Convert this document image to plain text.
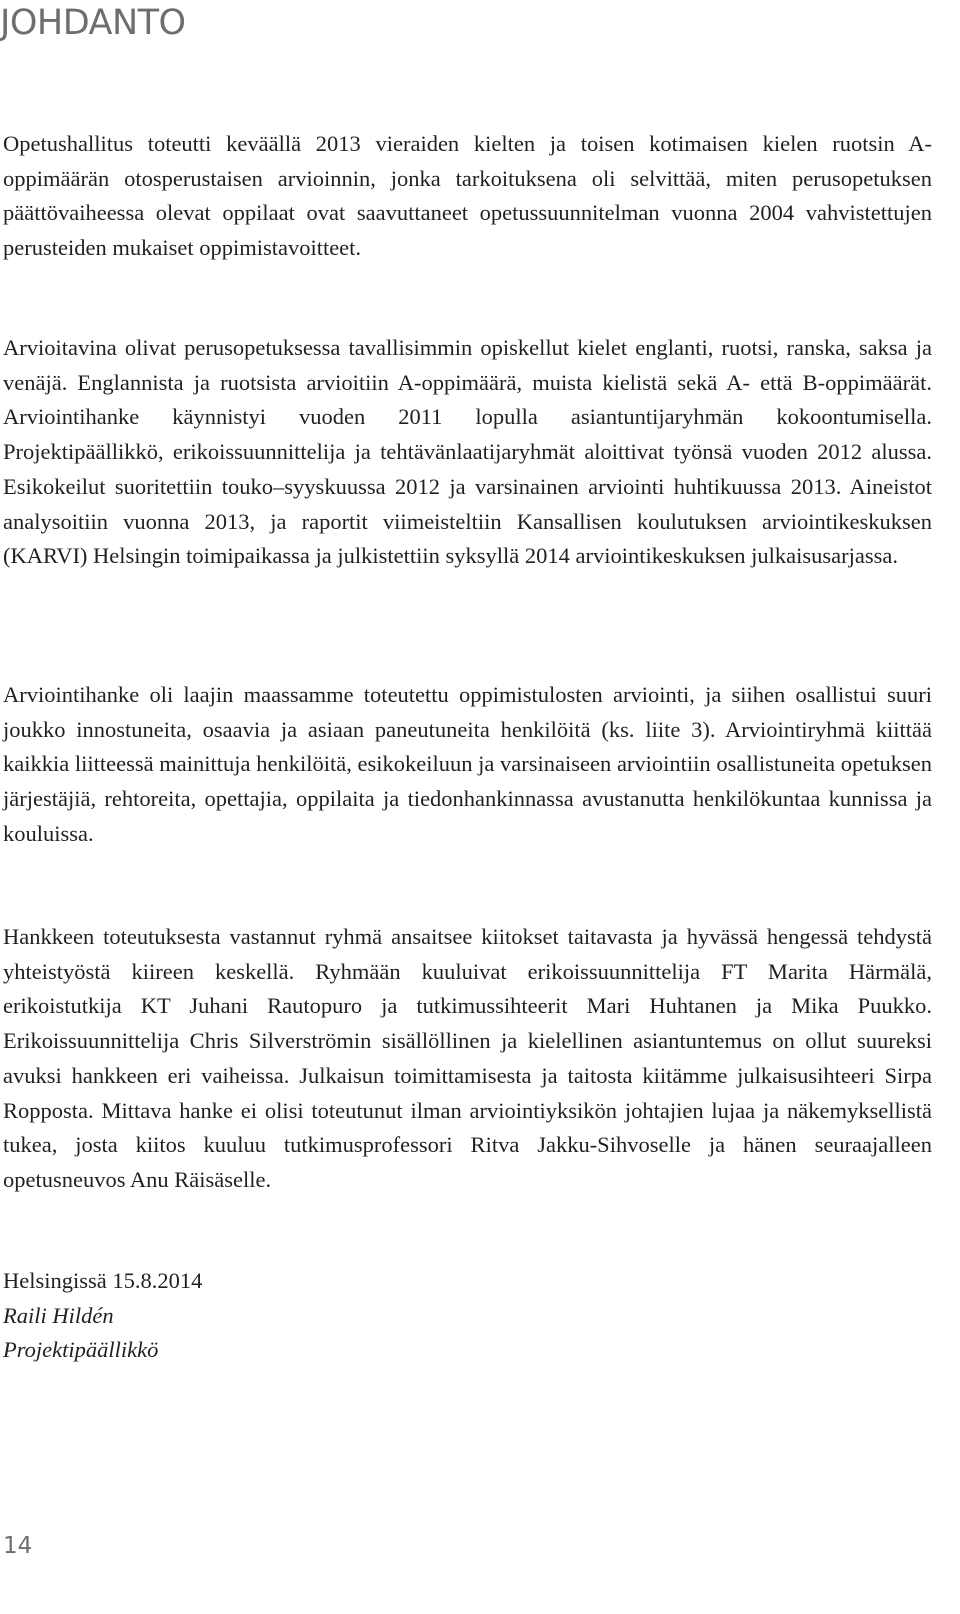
JOHDANTO

Opetushallitus toteutti keväällä 2013 vieraiden kielten ja toisen kotimaisen kielen ruotsin A-oppimäärän otosperustaisen arvioinnin, jonka tarkoituksena oli selvittää, miten perusopetuksen päättövaiheessa olevat oppilaat ovat saavuttaneet opetussuunnitelman vuonna 2004 vahvistettujen perusteiden mukaiset oppimistavoitteet.

Arvioitavina olivat perusopetuksessa tavallisimmin opiskellut kielet englanti, ruotsi, ranska, saksa ja venäjä. Englannista ja ruotsista arvioitiin A-oppimäärä, muista kielistä sekä A- että B-oppimäärät. Arviointihanke käynnistyi vuoden 2011 lopulla asiantuntijaryhmän kokoontumisella. Projektipäällikkö, erikoissuunnittelija ja tehtävänlaatijaryhmät aloittivat työnsä vuoden 2012 alussa. Esikokeilut suoritettiin touko–syyskuussa 2012 ja varsinainen arviointi huhtikuussa 2013. Aineistot analysoitiin vuonna 2013, ja raportit viimeisteltiin Kansallisen koulutuksen arviointikeskuksen (KARVI) Helsingin toimipaikassa ja julkistettiin syksyllä 2014 arviointikeskuksen julkaisusarjassa.

Arviointihanke oli laajin maassamme toteutettu oppimistulosten arviointi, ja siihen osallistui suuri joukko innostuneita, osaavia ja asiaan paneutuneita henkilöitä (ks. liite 3). Arviointiryhmä kiittää kaikkia liitteessä mainittuja henkilöitä, esikokeiluun ja varsinaiseen arviointiin osallistuneita opetuksen järjestäjiä, rehtoreita, opettajia, oppilaita ja tiedonhankinnassa avustanutta henkilökuntaa kunnissa ja kouluissa.

Hankkeen toteutuksesta vastannut ryhmä ansaitsee kiitokset taitavasta ja hyvässä hengessä tehdystä yhteistyöstä kiireen keskellä. Ryhmään kuuluivat erikoissuunnittelija FT Marita Härmälä, erikoistutkija KT Juhani Rautopuro ja tutkimussihteerit Mari Huhtanen ja Mika Puukko. Erikoissuunnittelija Chris Silverströmin sisällöllinen ja kielellinen asiantuntemus on ollut suureksi avuksi hankkeen eri vaiheissa. Julkaisun toimittamisesta ja taitosta kiitämme julkaisusihteeri Sirpa Ropposta. Mittava hanke ei olisi toteutunut ilman arviointiyksikön johtajien lujaa ja näkemyksellistä tukea, josta kiitos kuuluu tutkimusprofessori Ritva Jakku-Sihvoselle ja hänen seuraajalleen opetusneuvos Anu Räisäselle.

Helsingissä 15.8.2014
Raili Hildén
Projektipäällikkö
14
